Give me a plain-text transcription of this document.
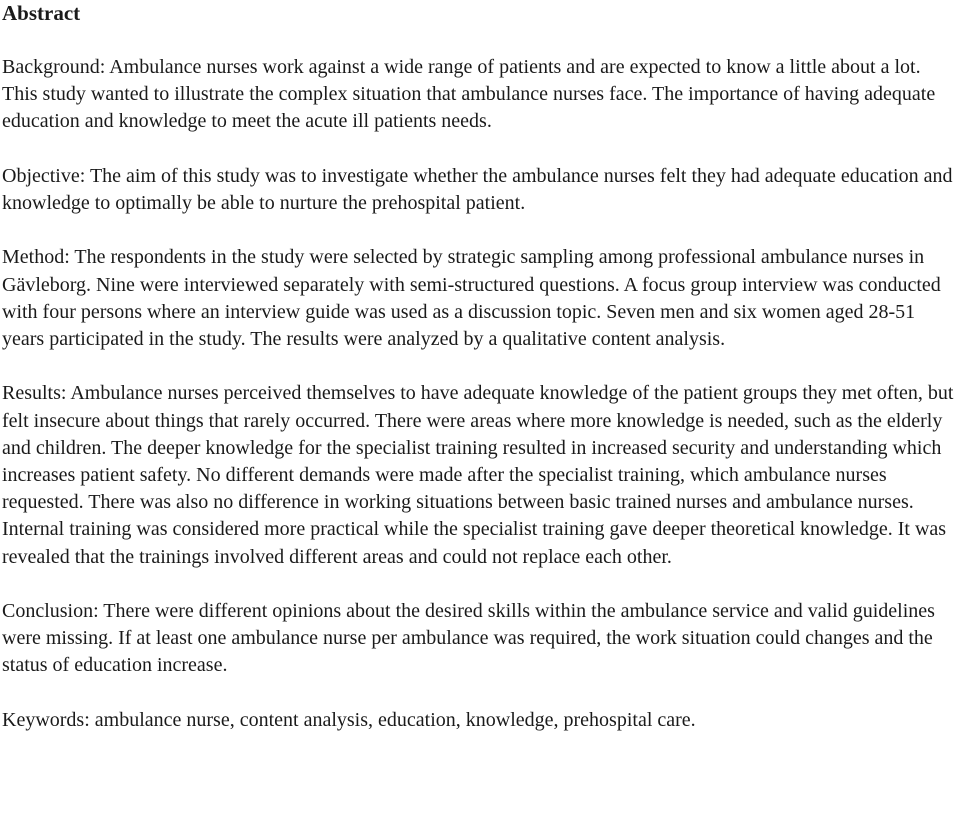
Abstract

Background: Ambulance nurses work against a wide range of patients and are expected to know a little about a lot. This study wanted to illustrate the complex situation that ambulance nurses face. The importance of having adequate education and knowledge to meet the acute ill patients needs.

Objective: The aim of this study was to investigate whether the ambulance nurses felt they had adequate education and knowledge to optimally be able to nurture the prehospital patient.

Method: The respondents in the study were selected by strategic sampling among professional ambulance nurses in Gävleborg. Nine were interviewed separately with semi-structured questions. A focus group interview was conducted with four persons where an interview guide was used as a discussion topic. Seven men and six women aged 28-51 years participated in the study. The results were analyzed by a qualitative content analysis.

Results: Ambulance nurses perceived themselves to have adequate knowledge of the patient groups they met often, but felt insecure about things that rarely occurred. There were areas where more knowledge is needed, such as the elderly and children. The deeper knowledge for the specialist training resulted in increased security and understanding which increases patient safety. No different demands were made after the specialist training, which ambulance nurses requested. There was also no difference in working situations between basic trained nurses and ambulance nurses. Internal training was considered more practical while the specialist training gave deeper theoretical knowledge. It was revealed that the trainings involved different areas and could not replace each other.

Conclusion: There were different opinions about the desired skills within the ambulance service and valid guidelines were missing. If at least one ambulance nurse per ambulance was required, the work situation could changes and the status of education increase.

Keywords: ambulance nurse, content analysis, education, knowledge, prehospital care.
